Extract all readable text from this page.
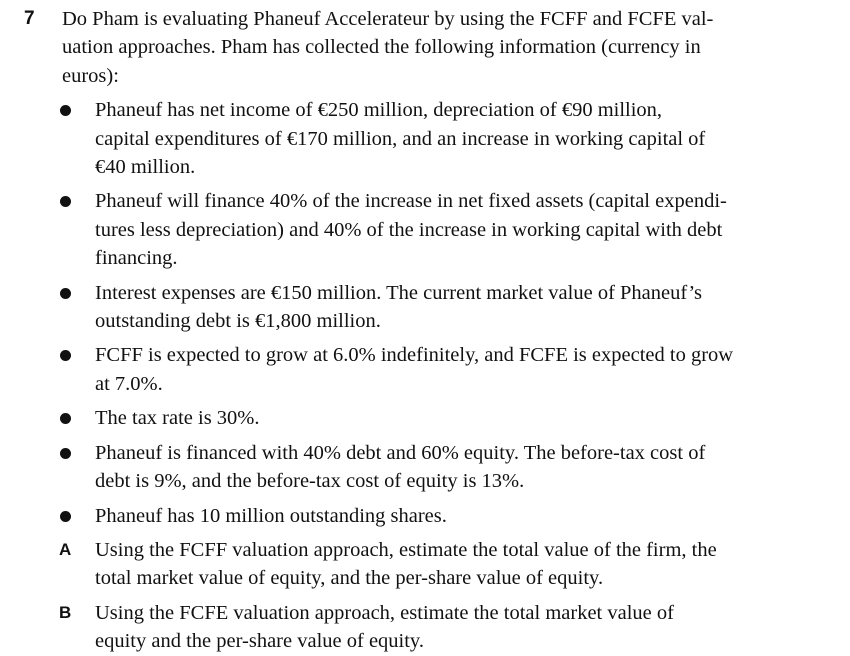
7 Do Pham is evaluating Phaneuf Accelerateur by using the FCFF and FCFE val-
uation approaches. Pham has collected the following information (currency in
euros):

Phaneuf has net income of €250 million, depreciation of €90 million,
capital expenditures of €170 million, and an increase in working capital of
€40 million.
Phaneuf will finance 40% of the increase in net fixed assets (capital expendi-
tures less depreciation) and 40% of the increase in working capital with debt
financing.
Interest expenses are €150 million. The current market value of Phaneuf’s
outstanding debt is €1,800 million.
FCFF is expected to grow at 6.0% indefinitely, and FCFE is expected to grow
at 7.0%.
The tax rate is 30%.
Phaneuf is financed with 40% debt and 60% equity. The before-tax cost of
debt is 9%, and the before-tax cost of equity is 13%.
Phaneuf has 10 million outstanding shares.
A Using the FCFF valuation approach, estimate the total value of the firm, the
total market value of equity, and the per-share value of equity.
B Using the FCFE valuation approach, estimate the total market value of
equity and the per-share value of equity.
